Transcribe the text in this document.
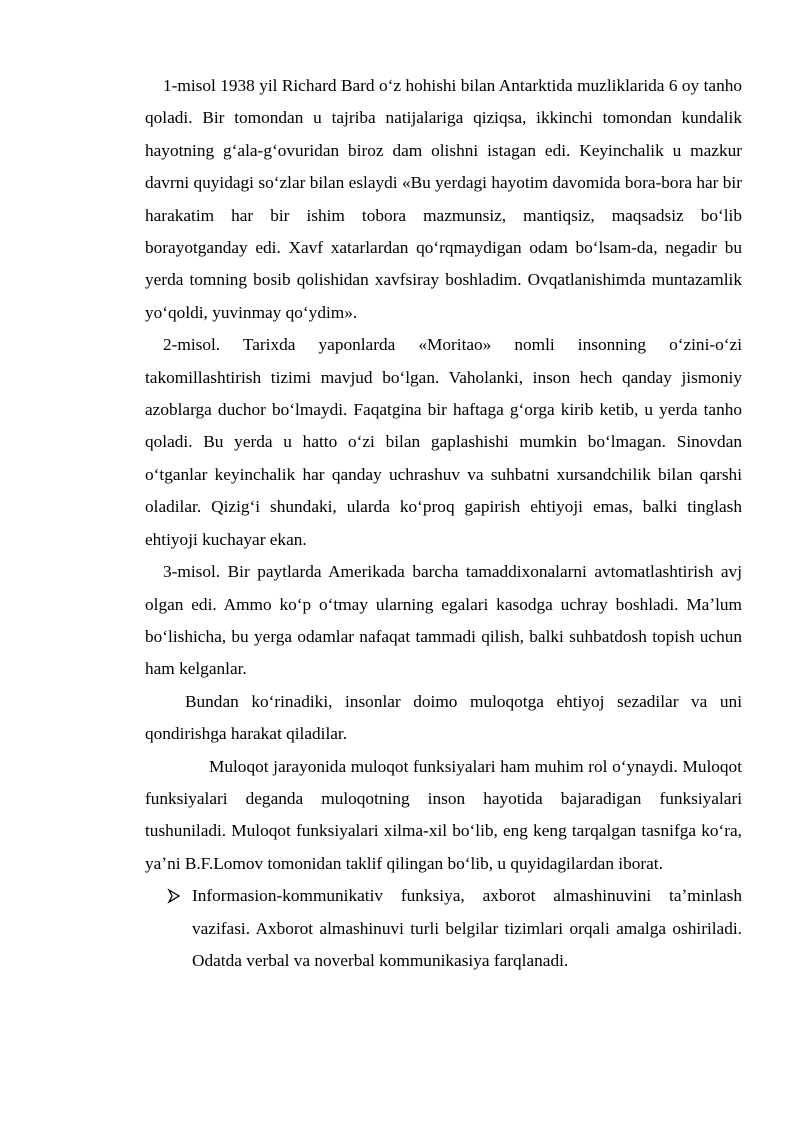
1-misol 1938 yil Richard Bard oʻz hohishi bilan Antarktida muzliklarida 6 oy tanho qoladi. Bir tomondan u tajriba natijalariga qiziqsa, ikkinchi tomondan kundalik hayotning gʻala-gʻovuridan biroz dam olishni istagan edi. Keyinchalik u mazkur davrni quyidagi soʻzlar bilan eslaydi «Bu yerdagi hayotim davomida bora-bora har bir harakatim har bir ishim tobora mazmunsiz, mantiqsiz, maqsadsiz boʻlib borayotganday edi. Xavf xatarlardan qoʻrqmaydigan odam boʻlsam-da, negadir bu yerda tomning bosib qolishidan xavfsiray boshladim. Ovqatlanishimda muntazamlik yoʻqoldi, yuvinmay qoʻydim».

2-misol. Tarixda yaponlarda «Moritao» nomli insonning oʻzini-oʻzi takomillashtirish tizimi mavjud boʻlgan. Vaholanki, inson hech qanday jismoniy azoblarga duchor boʻlmaydi. Faqatgina bir haftaga gʻorga kirib ketib, u yerda tanho qoladi. Bu yerda u hatto oʻzi bilan gaplashishi mumkin boʻlmagan. Sinovdan oʻtganlar keyinchalik har qanday uchrashuv va suhbatni xursandchilik bilan qarshi oladilar. Qizigʻi shundaki, ularda koʻproq gapirish ehtiyoji emas, balki tinglash ehtiyoji kuchayar ekan.

3-misol. Bir paytlarda Amerikada barcha tamaddixonalarni avtomatlashtirish avj olgan edi. Ammo koʻp oʻtmay ularning egalari kasodga uchray boshladi. Maʼlum boʻlishicha, bu yerga odamlar nafaqat tammadi qilish, balki suhbatdosh topish uchun ham kelganlar.

Bundan koʻrinadiki, insonlar doimo muloqotga ehtiyoj sezadilar va uni qondirishga harakat qiladilar.

Muloqot jarayonida muloqot funksiyalari ham muhim rol oʻynaydi. Muloqot funksiyalari deganda muloqotning inson hayotida bajaradigan funksiyalari tushuniladi. Muloqot funksiyalari xilma-xil boʻlib, eng keng tarqalgan tasnifga koʻra, yaʼni B.F.Lomov tomonidan taklif qilingan boʻlib, u quyidagilardan iborat.

Informasion-kommunikativ funksiya, axborot almashinuvini taʼminlash vazifasi. Axborot almashinuvi turli belgilar tizimlari orqali amalga oshiriladi. Odatda verbal va noverbal kommunikasiya farqlanadi.
